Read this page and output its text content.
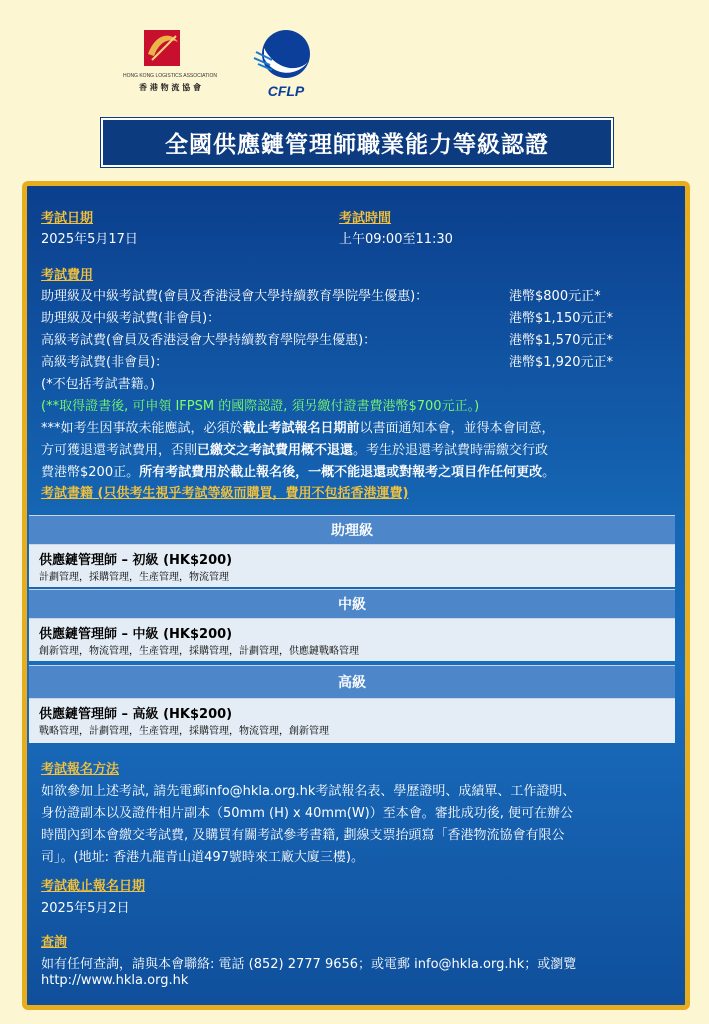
HONG KONG LOGISTICS ASSOCIATION
香 港 物 流 協 會	CFLP
全國供應鏈管理師職業能力等級認證
考試日期
2025年5月17日
考試時間
上午09:00至11:30
考試費用
助理級及中級考試費(會員及香港浸會大學持續教育學院學生優惠)：	港幣$800元正*
助理級及中級考試費(非會員)：	港幣$1,150元正*
高級考試費(會員及香港浸會大學持續教育學院學生優惠)：	港幣$1,570元正*
高級考試費(非會員)：	港幣$1,920元正*
(*不包括考試書籍。)
(**取得證書後, 可申領 IFPSM 的國際認證, 須另繳付證書費港幣$700元正。)
***如考生因事故未能應試，必須於截止考試報名日期前以書面通知本會，並得本會同意，
方可獲退還考試費用，否則已繳交之考試費用概不退還。考生於退還考試費時需繳交行政
費港幣$200正。所有考試費用於截止報名後，一概不能退還或對報考之項目作任何更改。
考試書籍 (只供考生視乎考試等級而購買，費用不包括香港運費)
助理級
供應鏈管理師 – 初級 (HK$200)
計劃管理，採購管理，生產管理，物流管理
中級
供應鏈管理師 – 中級 (HK$200)
創新管理，物流管理，生產管理，採購管理，計劃管理，供應鏈戰略管理
高級
供應鏈管理師 – 高級 (HK$200)
戰略管理，計劃管理，生產管理，採購管理，物流管理，創新管理
考試報名方法
如欲參加上述考試, 請先電郵info@hkla.org.hk考試報名表、學歷證明、成績單、工作證明、
身份證副本以及證件相片副本（50mm (H) x 40mm(W)）至本會。審批成功後, 便可在辦公
時間內到本會繳交考試費, 及購買有關考試參考書籍, 劃線支票抬頭寫「香港物流協會有限公
司」。(地址: 香港九龍青山道497號時來工廠大廈三樓)。
考試截止報名日期
2025年5月2日
查詢
如有任何查詢，請與本會聯絡: 電話 (852) 2777 9656；或電郵 info@hkla.org.hk；或瀏覽
http://www.hkla.org.hk
